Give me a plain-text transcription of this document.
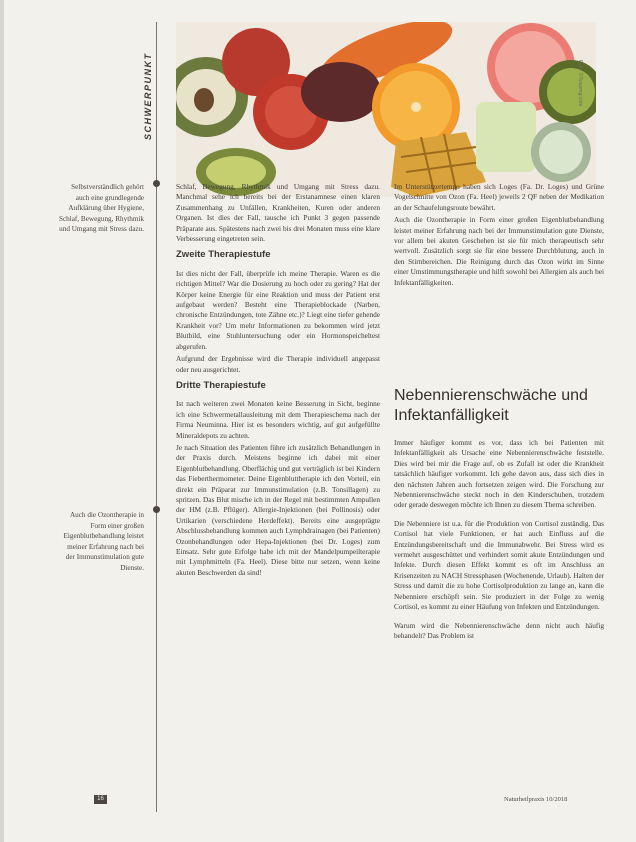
SCHWERPUNKT	Foto: ©Tsnpeng.com
Selbstverständlich gehört auch eine grundlegende Aufklärung über Hygiene, Schlaf, Bewegung, Rhythmik und Umgang mit Stress dazu.
Auch die Ozontherapie in Form einer großen Eigenblutbehandlung leistet meiner Erfahrung nach bei der Immunstimulation gute Dienste.

Schlaf, Bewegung, Rhythmik und Umgang mit Stress dazu. Manchmal sehe ich bereits bei der Erstanamnese einen klaren Zusammenhang zu Unfällen, Krankheiten, Kuren oder anderen Organen. Ist dies der Fall, tausche ich Punkt 3 gegen passende Präparate aus. Spätestens nach zwei bis drei Monaten muss eine klare Verbesserung eingetreten sein.

Zweite Therapiestufe

Ist dies nicht der Fall, überprüfe ich meine Therapie. Waren es die richtigen Mittel? War die Dosierung zu hoch oder zu gering? Hat der Körper keine Energie für eine Reaktion und muss der Patient erst aufgebaut werden? Besteht eine Therapieblockade (Narben, chronische Entzündungen, tote Zähne etc.)? Liegt eine tiefer gehende Krankheit vor? Um mehr Informationen zu bekommen wird jetzt Blutbild, eine Stuhluntersuchung oder ein Hormonspeicheltest abgerufen.

Aufgrund der Ergebnisse wird die Therapie individuell angepasst oder neu ausgerichtet.

Dritte Therapiestufe

Ist nach weiteren zwei Monaten keine Besserung in Sicht, beginne ich eine Schwermetallausleitung mit dem Therapieschema nach der Firma Neuminna. Hier ist es besonders wichtig, auf gut aufgefüllte Mineraldepots zu achten.

Je nach Situation des Patienten führe ich zusätzlich Behandlungen in der Praxis durch. Meistens beginne ich dabei mit einer Eigenblutbehandlung. Oberflächig und gut verträglich ist bei Kindern das Fieberthermometer. Deine Eigenbluttherapie ich den Vorteil, ein direkt ein Präparat zur Immunstimulation (z.B. Tonsillagen) zu spritzen. Das Blut mische ich in der Regel mit bestimmten Ampullen der HM (z.B. Pflüger). Allergie-Injektionen (bei Pollinosis) oder Urtikarien (verschiedene Herdeffekt). Bereits eine ausgeprägte Abschlussbehandlung kommen auch Lymphdrainagen (bei Patienten) Ozonbehandlungen oder Hepa-Injektionen (bei Dr. Loges) zum Einsatz. Sehr gute Erfolge habe ich mit der Mandelpumpeilterapie mit Lymphmitteln (Fa. Heel). Diese bitte nur setzen, wenn keine akuten Beschwerden da sind!

Im Unterstützertempo haben sich Loges (Fa. Dr. Loges) und Grüne Vogelschnitte von Ozon (Fa. Heel) jeweils 2 QF neben der Medikation an der Schaufelungsroute bewährt.

Auch die Ozontherapie in Form einer großen Eigenblutbehandlung leistet meiner Erfahrung nach bei der Immunstimulation gute Dienste, vor allem bei akuten Geschehen ist sie für mich therapeutisch sehr wertvoll. Zusätzlich sorgt sie für eine bessere Durchblutung, auch in den Stirnbereichen. Die Reinigung durch das Ozon wirkt im Sinne einer Umstimmungstherapie und hilft sowohl bei Allergien als auch bei Infektanfälligkeiten.

Nebennierenschwäche und Infektanfälligkeit

Immer häufiger kommt es vor, dass ich bei Patienten mit Infektanfälligkeit als Ursache eine Nebennierenschwäche feststelle. Dies wird bei mir die Frage auf, ob es Zufall ist oder die Krankheit tatsächlich häufiger vorkommt. Ich gehe davon aus, dass sich dies in den nächsten Jahren auch fortsetzen zeigen wird. Die Forschung zur Nebennierenschwäche steckt noch in den Kinderschuhen, trotzdem oder gerade deswegen möchte ich Ihnen zu diesem Thema schreiben.

Die Nebenniere ist u.a. für die Produktion von Cortisol zuständig. Das Cortisol hat viele Funktionen, er hat auch Einfluss auf die Entzündungsbereitschaft und die Immunabwehr. Bei Stress wird es vermehrt ausgeschüttet und verhindert somit akute Entzündungen und Infekte. Durch diesen Effekt kommt es oft im Anschluss an Krisenzeiten zu NACH Stressphasen (Wochenende, Urlaub). Halten der Stress und damit die zu hohe Cortisolproduktion zu lange an, kann die Nebenniere erschöpft sein. Sie produziert in der Folge zu wenig Cortisol, es kommt zu einer Häufung von Infekten und Entzündungen.

Warum wird die Nebennierenschwäche denn nicht auch häufig behandelt? Das Problem ist

16	Naturheilpraxis 10/2018
